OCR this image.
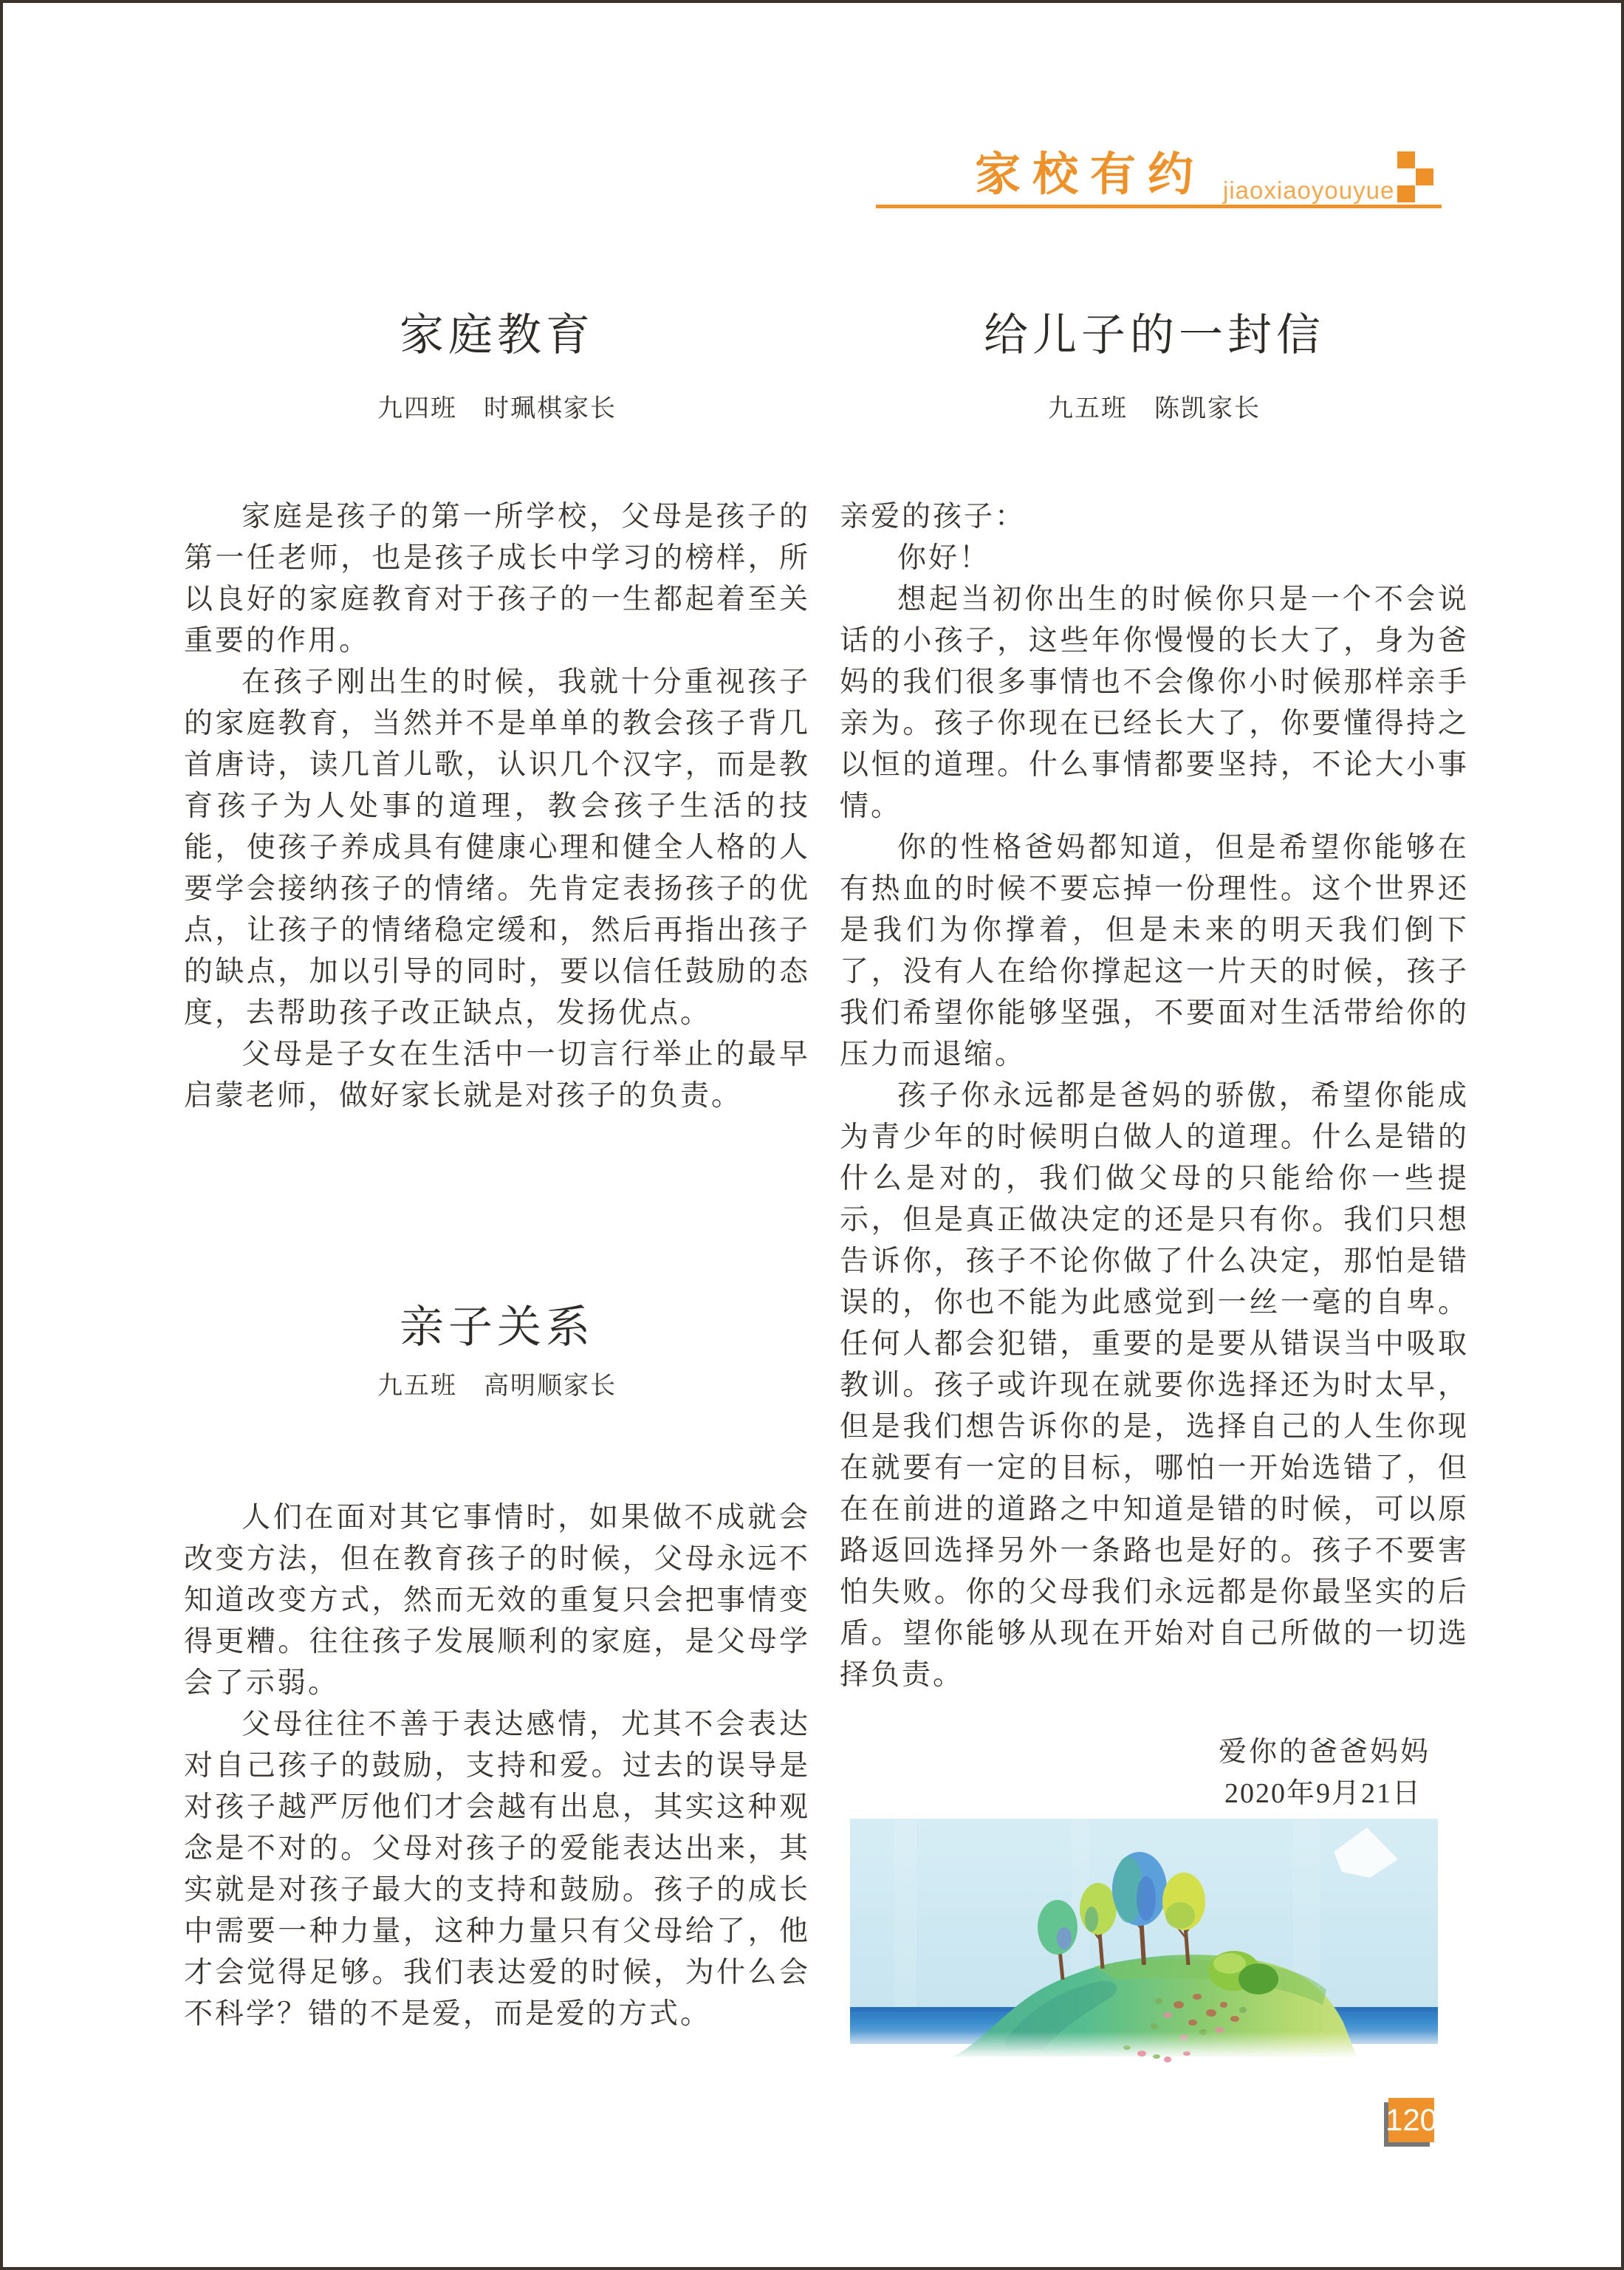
家校有约 jiaoxiaoyouyue
家庭教育

九四班　时珮棋家长

家庭是孩子的第一所学校，父母是孩子的第一任老师，也是孩子成长中学习的榜样，所以良好的家庭教育对于孩子的一生都起着至关重要的作用。

在孩子刚出生的时候，我就十分重视孩子的家庭教育，当然并不是单单的教会孩子背几首唐诗，读几首儿歌，认识几个汉字，而是教育孩子为人处事的道理，教会孩子生活的技能，使孩子养成具有健康心理和健全人格的人要学会接纳孩子的情绪。先肯定表扬孩子的优点，让孩子的情绪稳定缓和，然后再指出孩子的缺点，加以引导的同时，要以信任鼓励的态度，去帮助孩子改正缺点，发扬优点。

父母是子女在生活中一切言行举止的最早启蒙老师，做好家长就是对孩子的负责。

亲子关系

九五班　高明顺家长

人们在面对其它事情时，如果做不成就会改变方法，但在教育孩子的时候，父母永远不知道改变方式，然而无效的重复只会把事情变得更糟。往往孩子发展顺利的家庭，是父母学会了示弱。

父母往往不善于表达感情，尤其不会表达对自己孩子的鼓励，支持和爱。过去的误导是对孩子越严厉他们才会越有出息，其实这种观念是不对的。父母对孩子的爱能表达出来，其实就是对孩子最大的支持和鼓励。孩子的成长中需要一种力量，这种力量只有父母给了，他才会觉得足够。我们表达爱的时候，为什么会不科学？错的不是爱，而是爱的方式。

给儿子的一封信

九五班　陈凯家长

亲爱的孩子：

你好！

想起当初你出生的时候你只是一个不会说话的小孩子，这些年你慢慢的长大了，身为爸妈的我们很多事情也不会像你小时候那样亲手亲为。孩子你现在已经长大了，你要懂得持之以恒的道理。什么事情都要坚持，不论大小事情。

你的性格爸妈都知道，但是希望你能够在有热血的时候不要忘掉一份理性。这个世界还是我们为你撑着，但是未来的明天我们倒下了，没有人在给你撑起这一片天的时候，孩子我们希望你能够坚强，不要面对生活带给你的压力而退缩。

孩子你永远都是爸妈的骄傲，希望你能成为青少年的时候明白做人的道理。什么是错的什么是对的，我们做父母的只能给你一些提示，但是真正做决定的还是只有你。我们只想告诉你，孩子不论你做了什么决定，那怕是错误的，你也不能为此感觉到一丝一毫的自卑。任何人都会犯错，重要的是要从错误当中吸取教训。孩子或许现在就要你选择还为时太早，但是我们想告诉你的是，选择自己的人生你现在就要有一定的目标，哪怕一开始选错了，但在在前进的道路之中知道是错的时候，可以原路返回选择另外一条路也是好的。孩子不要害怕失败。你的父母我们永远都是你最坚实的后盾。望你能够从现在开始对自己所做的一切选择负责。

爱你的爸爸妈妈

2020年9月21日

120
